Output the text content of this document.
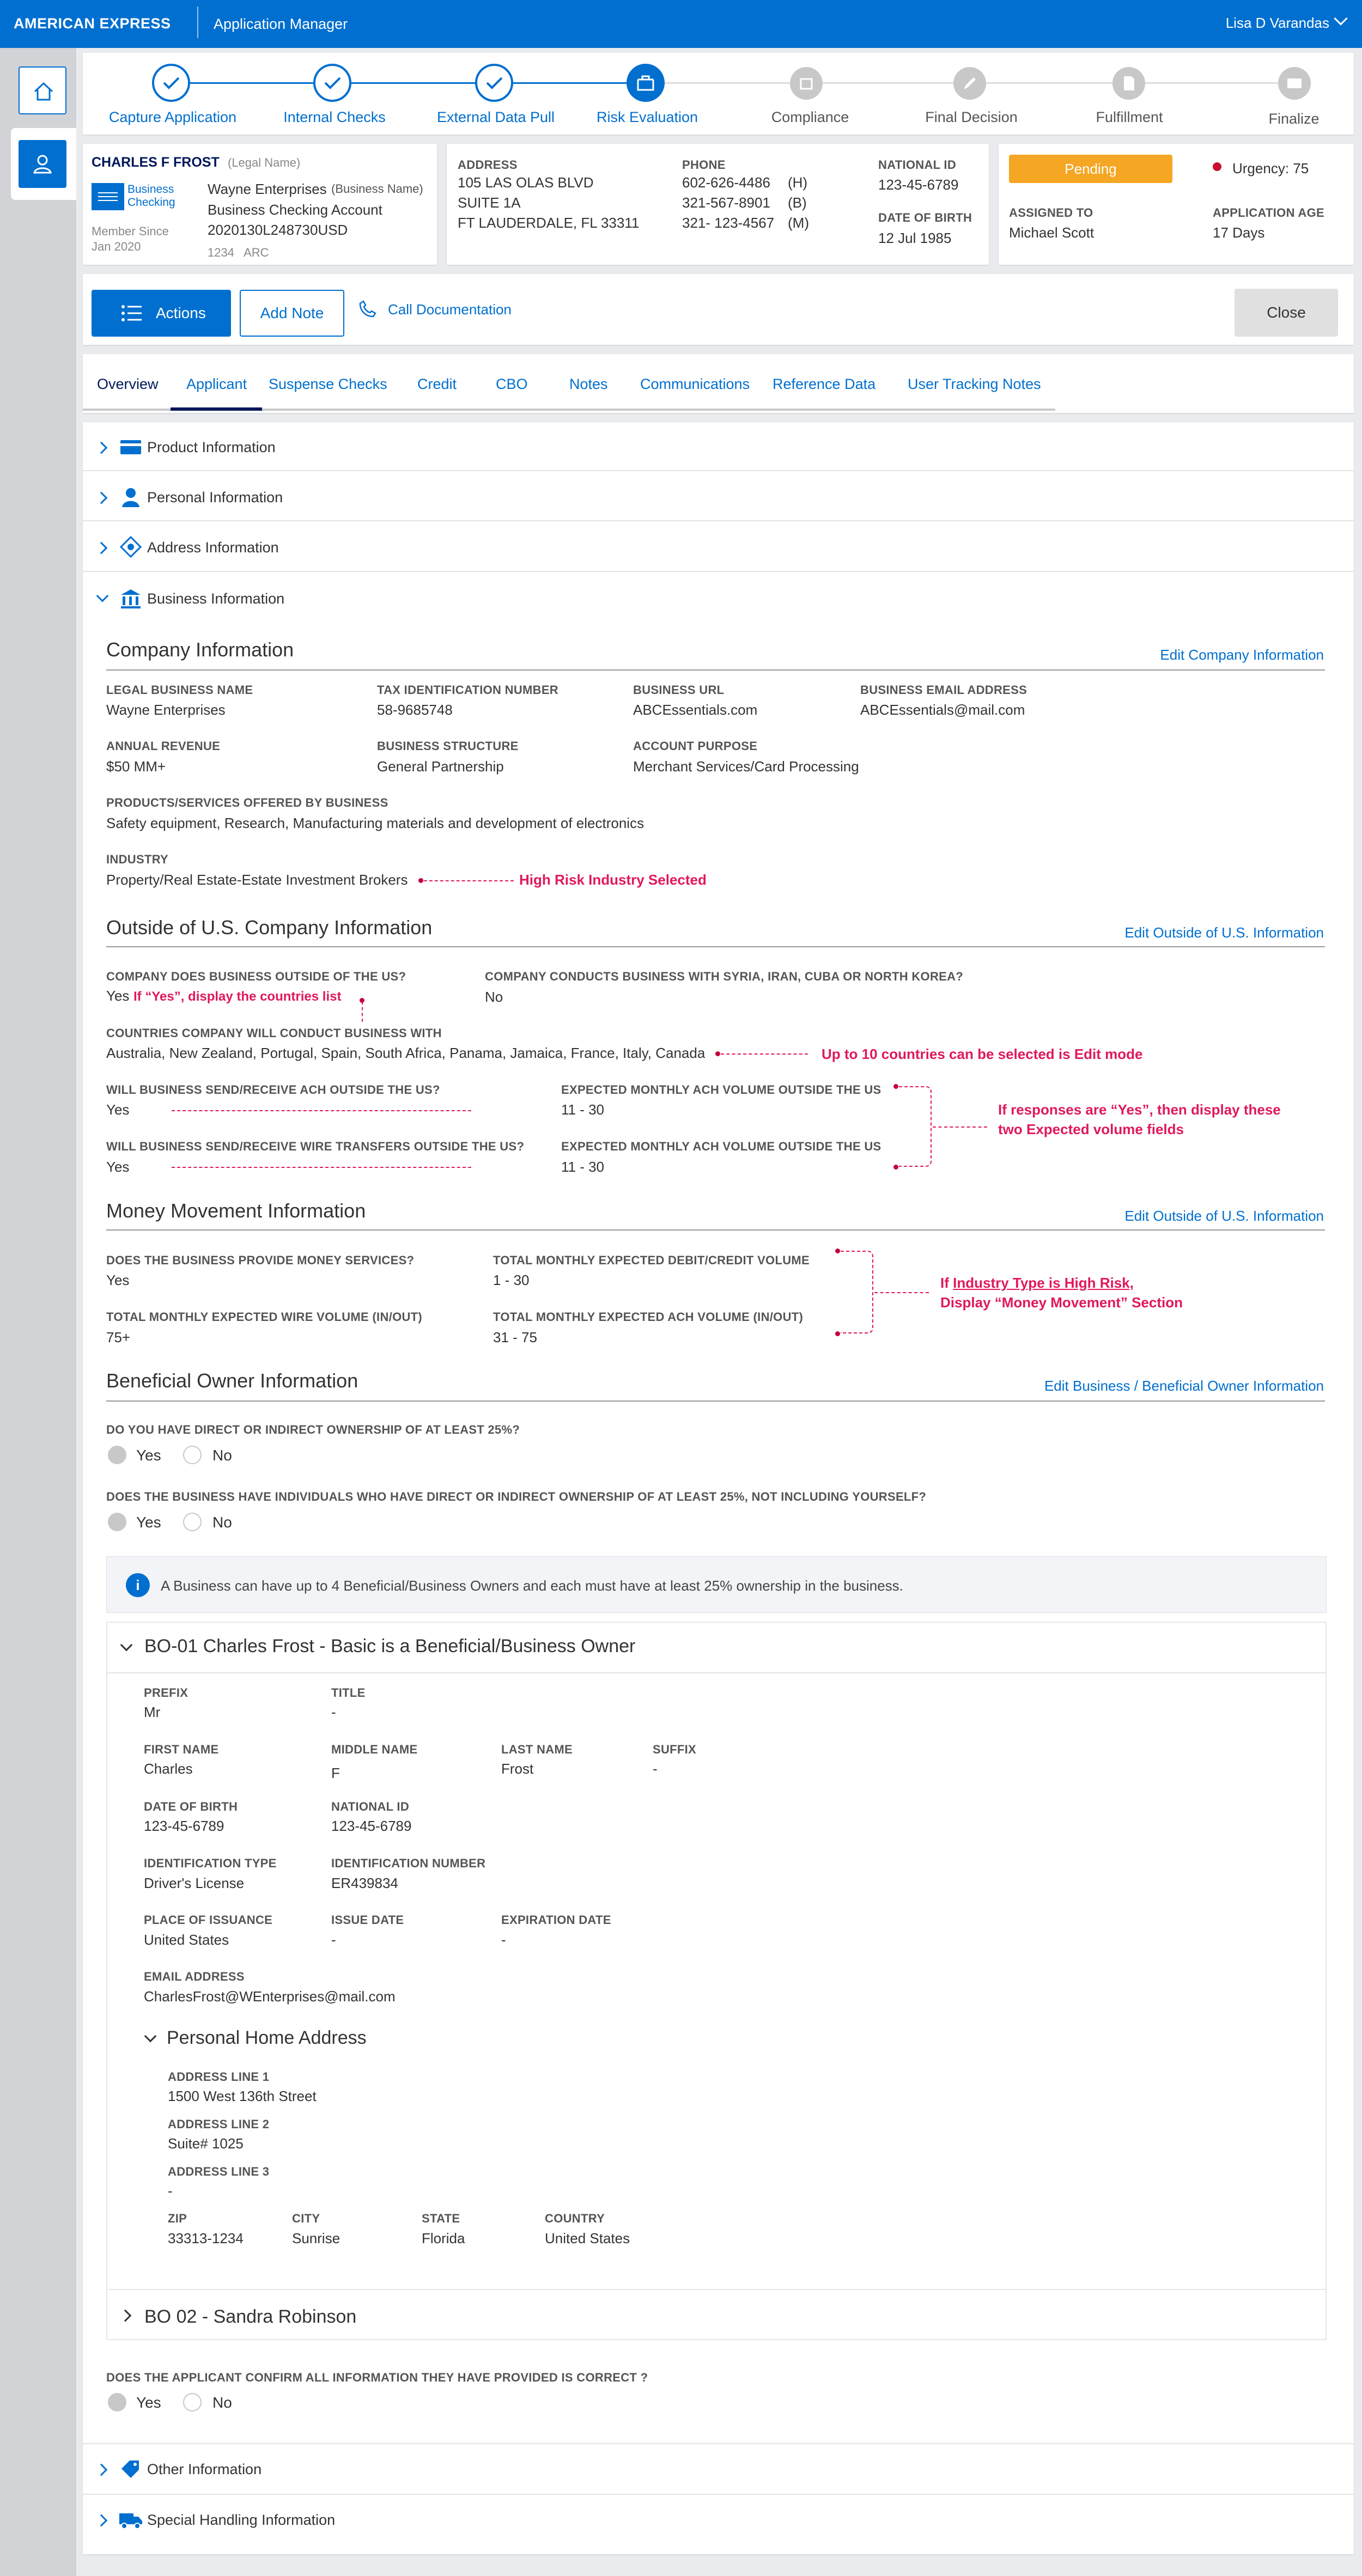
AMERICAN EXPRESS	Application Manager	Lisa D Varandas
Capture Application	Internal Checks	External Data Pull	Risk Evaluation	Compliance	Final Decision	Fulfillment	Finalize
CHARLES F FROST (Legal Name)
Business
Checking
Wayne Enterprises (Business Name)
Business Checking Account
2020130L248730USD
Member Since
Jan 2020	1234   ARC
ADDRESS
105 LAS OLAS BLVD
SUITE 1A
FT LAUDERDALE, FL 33311
PHONE
602-626-4486 (H)
321-567-8901 (B)
321- 123-4567 (M)
NATIONAL ID
123-45-6789
DATE OF BIRTH
12 Jul 1985
Pending	Urgency: 75
ASSIGNED TO
Michael Scott
APPLICATION AGE
17 Days
Actions	Add Note	Call Documentation	Close
Overview Applicant Suspense Checks Credit	CBO	Notes Communications Reference Data User Tracking Notes
Product Information
Personal Information
Address Information
Business Information
Company Information	Edit Company Information
LEGAL BUSINESS NAME
Wayne Enterprises
TAX IDENTIFICATION NUMBER
58-9685748
BUSINESS URL
ABCEssentials.com
BUSINESS EMAIL ADDRESS
ABCEssentials@mail.com
ANNUAL REVENUE
$50 MM+
BUSINESS STRUCTURE
General Partnership
ACCOUNT PURPOSE
Merchant Services/Card Processing
PRODUCTS/SERVICES OFFERED BY BUSINESS
Safety equipment, Research, Manufacturing materials and development of electronics
INDUSTRY
Property/Real Estate-Estate Investment Brokers	High Risk Industry Selected
Outside of U.S. Company Information	Edit Outside of U.S. Information
COMPANY DOES BUSINESS OUTSIDE OF THE US?
Yes If “Yes”, display the countries list
COMPANY CONDUCTS BUSINESS WITH SYRIA, IRAN, CUBA OR NORTH KOREA?
No
COUNTRIES COMPANY WILL CONDUCT BUSINESS WITH
Australia, New Zealand, Portugal, Spain, South Africa, Panama, Jamaica, France, Italy, Canada	Up to 10 countries can be selected is Edit mode
WILL BUSINESS SEND/RECEIVE ACH OUTSIDE THE US?
Yes
EXPECTED MONTHLY ACH VOLUME OUTSIDE THE US
11 - 30
WILL BUSINESS SEND/RECEIVE WIRE TRANSFERS OUTSIDE THE US?
Yes
EXPECTED MONTHLY ACH VOLUME OUTSIDE THE US
11 - 30
If responses are “Yes”, then display these
two Expected volume fields
Money Movement Information	Edit Outside of U.S. Information
DOES THE BUSINESS PROVIDE MONEY SERVICES?
Yes
TOTAL MONTHLY EXPECTED DEBIT/CREDIT VOLUME
1 - 30
TOTAL MONTHLY EXPECTED WIRE VOLUME (IN/OUT)
75+
TOTAL MONTHLY EXPECTED ACH VOLUME (IN/OUT)
31 - 75
If Industry Type is High Risk,
Display “Money Movement” Section
Beneficial Owner Information	Edit Business / Beneficial Owner Information
DO YOU HAVE DIRECT OR INDIRECT OWNERSHIP OF AT LEAST 25%?
Yes	No
DOES THE BUSINESS HAVE INDIVIDUALS WHO HAVE DIRECT OR INDIRECT OWNERSHIP OF AT LEAST 25%, NOT INCLUDING YOURSELF?
Yes	No
i	A Business can have up to 4 Beneficial/Business Owners and each must have at least 25% ownership in the business.
BO-01 Charles Frost - Basic is a Beneficial/Business Owner
PREFIX
Mr
TITLE
-
FIRST NAME
Charles
MIDDLE NAME
F
LAST NAME
Frost
SUFFIX
-
DATE OF BIRTH
123-45-6789
NATIONAL ID
123-45-6789
IDENTIFICATION TYPE
Driver's License
IDENTIFICATION NUMBER
ER439834
PLACE OF ISSUANCE
United States
ISSUE DATE
-
EXPIRATION DATE
-
EMAIL ADDRESS
CharlesFrost@WEnterprises@mail.com
Personal Home Address
ADDRESS LINE 1
1500 West 136th Street
ADDRESS LINE 2
Suite# 1025
ADDRESS LINE 3
-
ZIP
33313-1234
CITY
Sunrise
STATE
Florida
COUNTRY
United States
BO 02 - Sandra Robinson
DOES THE APPLICANT CONFIRM ALL INFORMATION THEY HAVE PROVIDED IS CORRECT ?
Yes	No
Other Information
Special Handling Information
